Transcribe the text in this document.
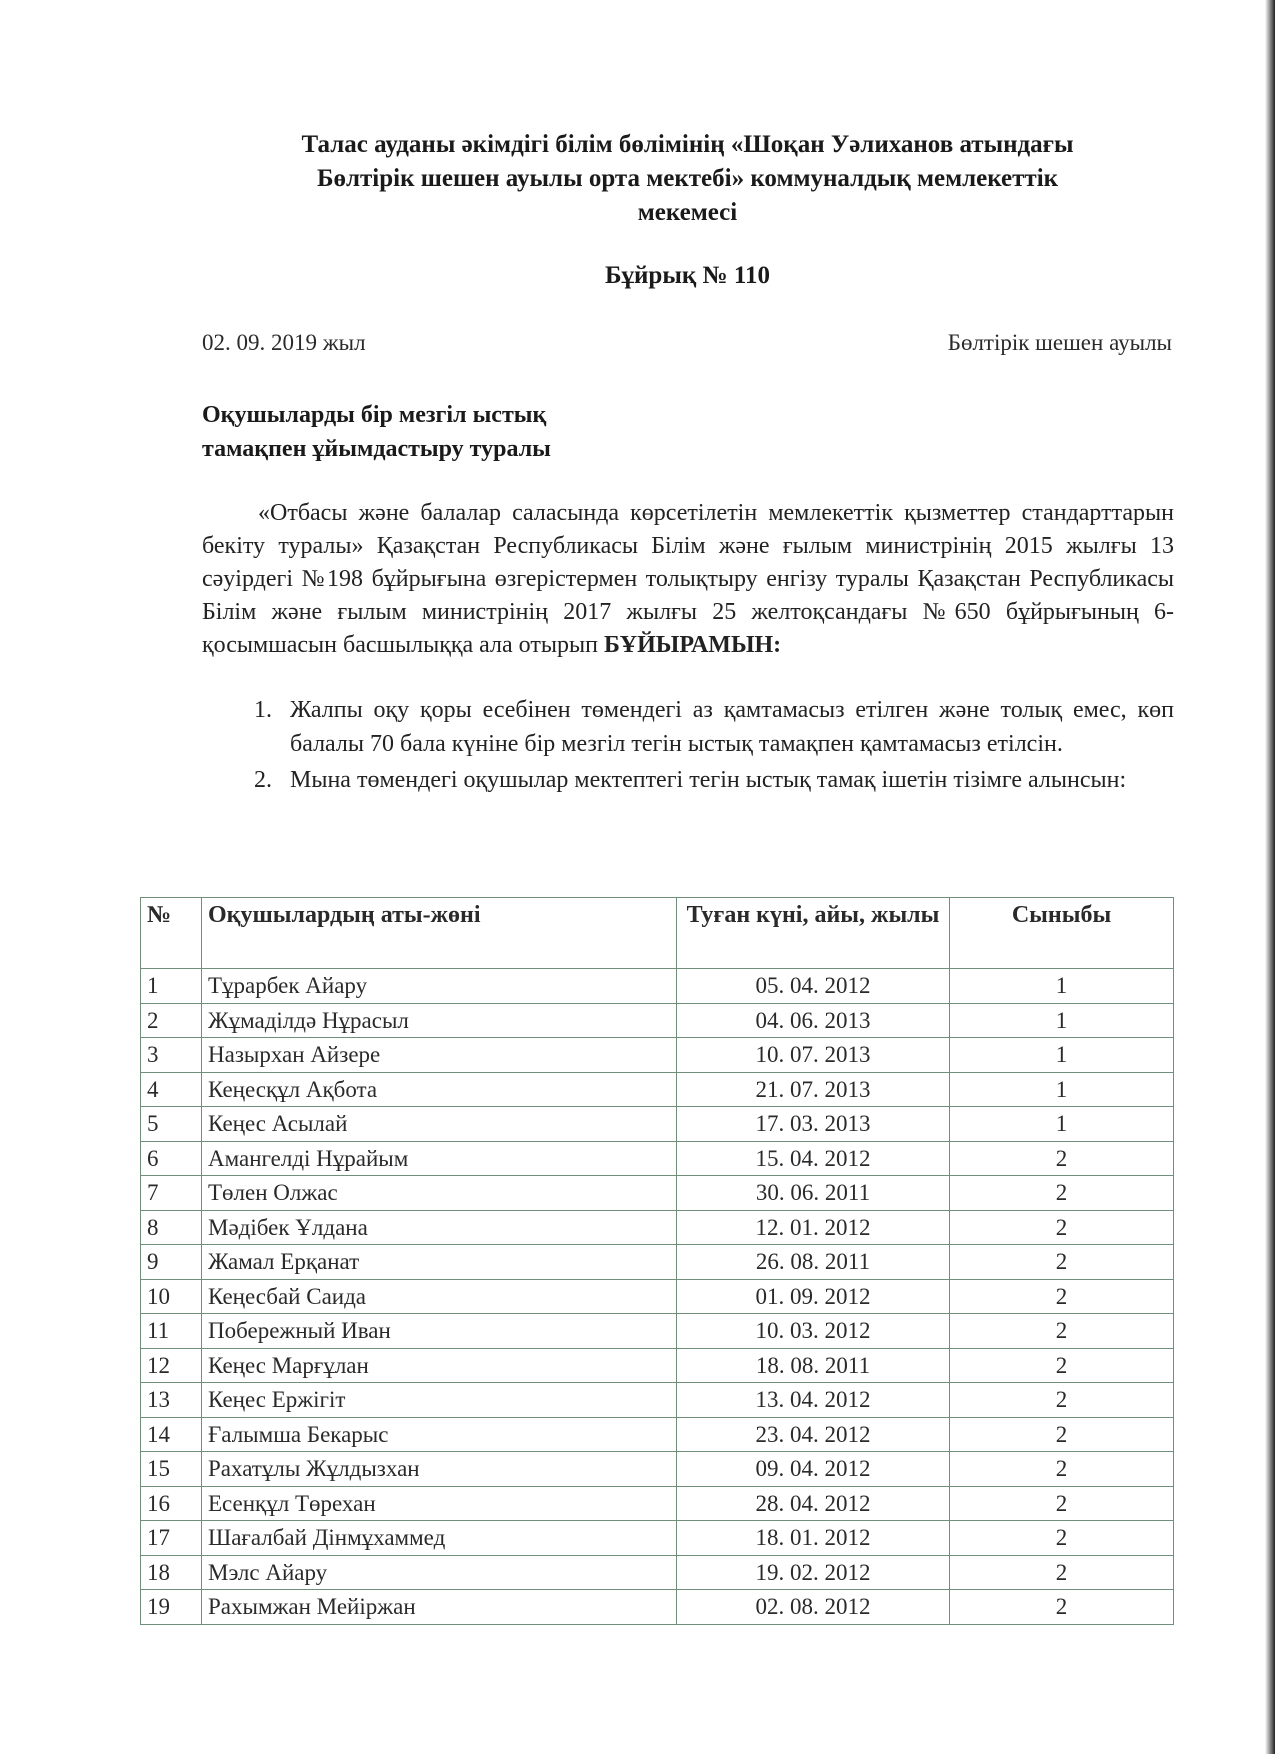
Талас ауданы әкімдігі білім бөлімінің «Шоқан Уәлиханов атындағы
Бөлтірік шешен ауылы орта мектебі» коммуналдық мемлекеттік
мекемесі
Бұйрық № 110
02. 09. 2019 жыл	Бөлтірік шешен ауылы
Оқушыларды бір мезгіл ыстық
тамақпен ұйымдастыру туралы
«Отбасы және балалар саласында көрсетілетін мемлекеттік қызметтер стандарттарын бекіту туралы» Қазақстан Республикасы Білім және ғылым министрінің 2015 жылғы 13 сәуірдегі №198 бұйрығына өзгерістермен толықтыру енгізу туралы Қазақстан Республикасы Білім және ғылым министрінің 2017 жылғы 25 желтоқсандағы №650 бұйрығының 6-қосымшасын басшылыққа ала отырып БҰЙЫРАМЫН:
1. Жалпы оқу қоры есебінен төмендегі аз қамтамасыз етілген және толық емес, көп балалы 70 бала күніне бір мезгіл тегін ыстық тамақпен қамтамасыз етілсін.
2. Мына төмендегі оқушылар мектептегі тегін ыстық тамақ ішетін тізімге алынсын:
№	Оқушылардың аты-жөні	Туған күні, айы, жылы	Сыныбы
1	Тұрарбек Айару	05. 04. 2012	1
2	Жұмаділдә Нұрасыл	04. 06. 2013	1
3	Назырхан Айзере	10. 07. 2013	1
4	Кеңесқұл Ақбота	21. 07. 2013	1
5	Кеңес Асылай	17. 03. 2013	1
6	Амангелді Нұрайым	15. 04. 2012	2
7	Төлен Олжас	30. 06. 2011	2
8	Мәдібек Ұлдана	12. 01. 2012	2
9	Жамал Ерқанат	26. 08. 2011	2
10	Кеңесбай Саида	01. 09. 2012	2
11	Побережный Иван	10. 03. 2012	2
12	Кеңес Марғұлан	18. 08. 2011	2
13	Кеңес Ержігіт	13. 04. 2012	2
14	Ғалымша Бекарыс	23. 04. 2012	2
15	Рахатұлы Жұлдызхан	09. 04. 2012	2
16	Есенқұл Төрехан	28. 04. 2012	2
17	Шағалбай Дінмұхаммед	18. 01. 2012	2
18	Мэлс Айару	19. 02. 2012	2
19	Рахымжан Мейіржан	02. 08. 2012	2
